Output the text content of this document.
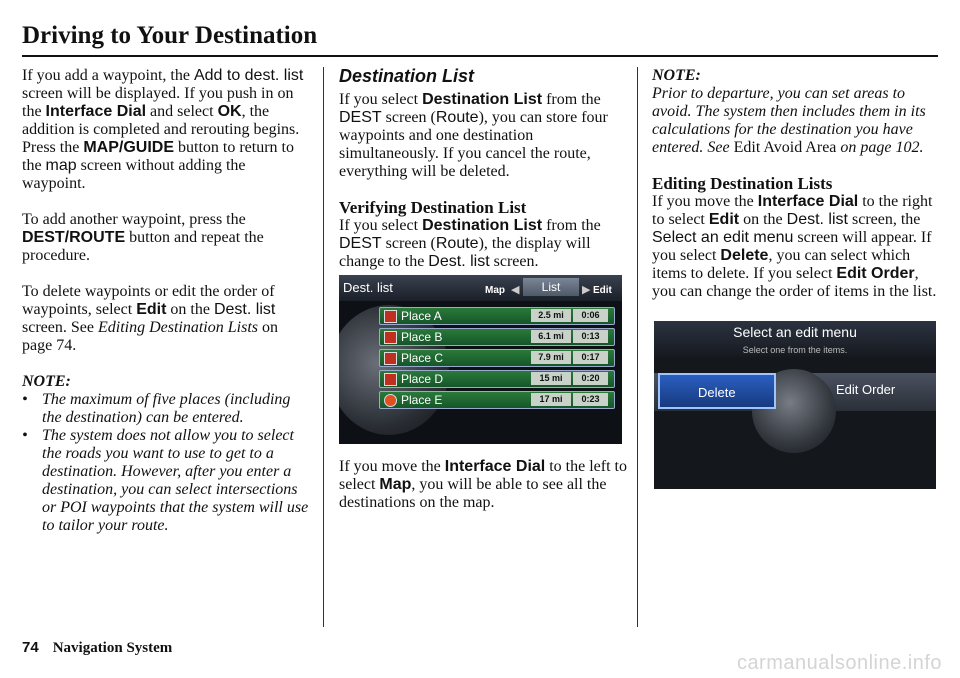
Driving to Your Destination

If you add a waypoint, the Add to dest. list screen will be displayed. If you push in on the Interface Dial and select OK, the addition is completed and rerouting begins. Press the MAP/GUIDE button to return to the map screen without adding the waypoint.

To add another waypoint, press the DEST/ROUTE button and repeat the procedure.

To delete waypoints or edit the order of waypoints, select Edit on the Dest. list screen. See Editing Destination Lists on page 74.

NOTE:
• The maximum of five places (including the destination) can be entered.
• The system does not allow you to select the roads you want to use to get to a destination. However, after you enter a destination, you can select intersections or POI waypoints that the system will use to tailor your route.
Destination List

If you select Destination List from the DEST screen (Route), you can store four waypoints and one destination simultaneously. If you cancel the route, everything will be deleted.

Verifying Destination List

If you select Destination List from the DEST screen (Route), the display will change to the Dest. list screen.

Dest. list	Map ◀	List	▶ Edit
Place A	2.5 mi	0:06
Place B	6.1 mi	0:13
Place C	7.9 mi	0:17
Place D	15 mi	0:20
Place E	17 mi	0:23

If you move the Interface Dial to the left to select Map, you will be able to see all the destinations on the map.

NOTE:

Prior to departure, you can set areas to avoid. The system then includes them in its calculations for the destination you have entered. See Edit Avoid Area on page 102.

Editing Destination Lists

If you move the Interface Dial to the right to select Edit on the Dest. list screen, the Select an edit menu screen will appear. If you select Delete, you can select which items to delete. If you select Edit Order, you can change the order of items in the list.

Select an edit menu
Select one from the items.
Delete	Edit Order
74 Navigation System
carmanualsonline.info
